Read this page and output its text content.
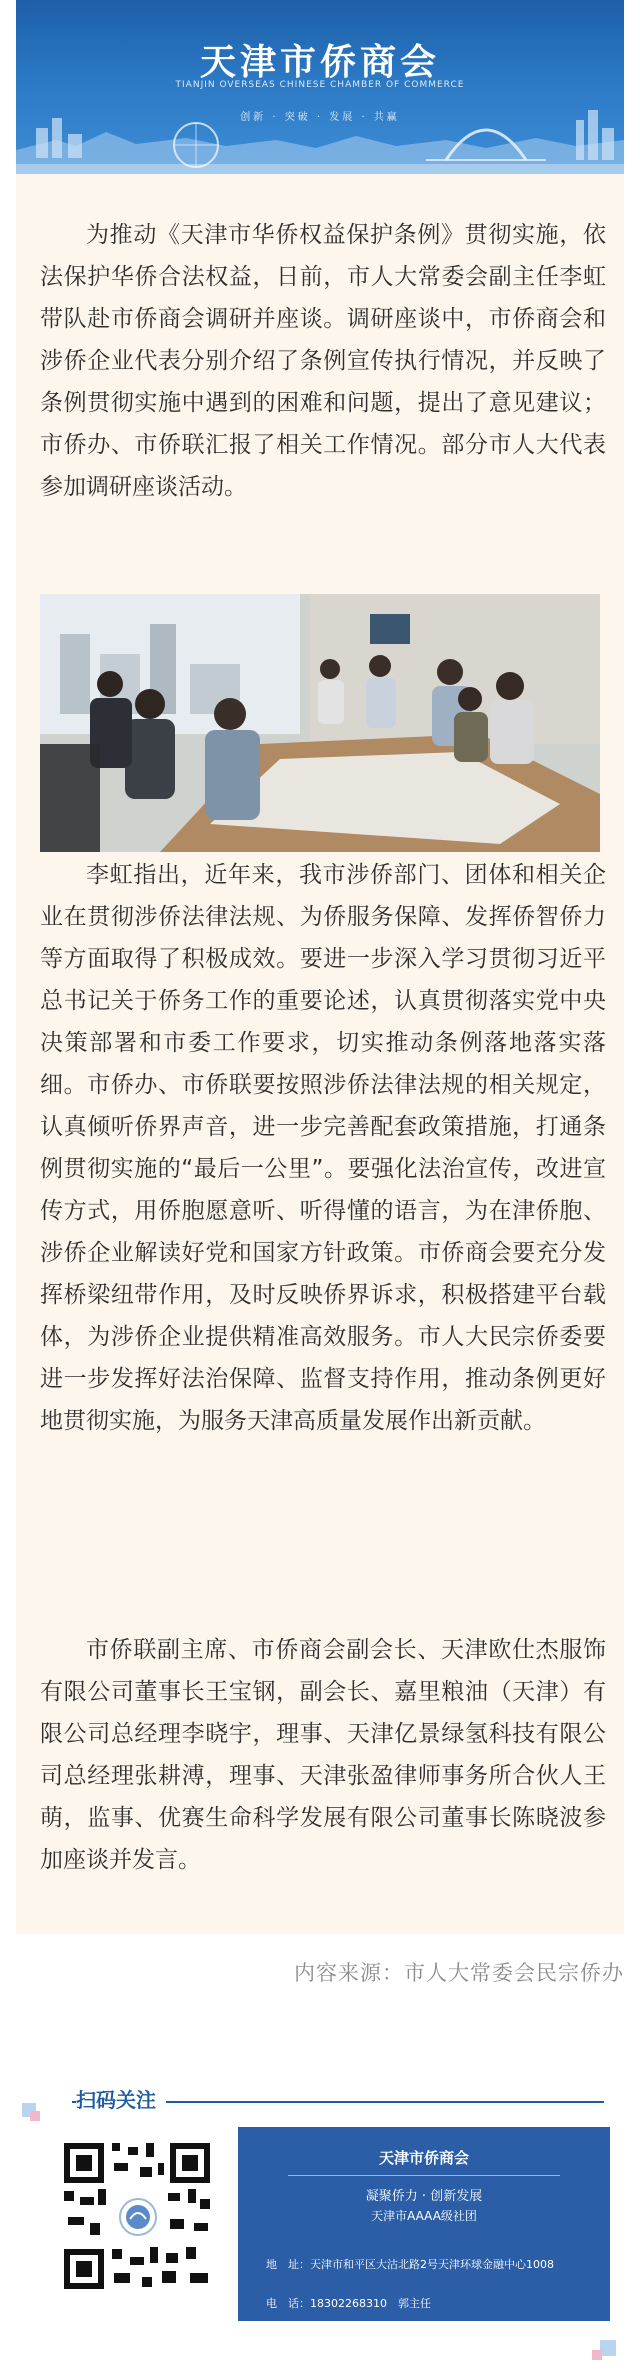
天津市侨商会
TIANJIN OVERSEAS CHINESE CHAMBER OF COMMERCE
创新 · 突破 · 发展 · 共赢

为推动《天津市华侨权益保护条例》贯彻实施，依法保护华侨合法权益，日前，市人大常委会副主任李虹带队赴市侨商会调研并座谈。调研座谈中，市侨商会和涉侨企业代表分别介绍了条例宣传执行情况，并反映了条例贯彻实施中遇到的困难和问题，提出了意见建议；市侨办、市侨联汇报了相关工作情况。部分市人大代表参加调研座谈活动。

李虹指出，近年来，我市涉侨部门、团体和相关企业在贯彻涉侨法律法规、为侨服务保障、发挥侨智侨力等方面取得了积极成效。要进一步深入学习贯彻习近平总书记关于侨务工作的重要论述，认真贯彻落实党中央决策部署和市委工作要求，切实推动条例落地落实落细。市侨办、市侨联要按照涉侨法律法规的相关规定，认真倾听侨界声音，进一步完善配套政策措施，打通条例贯彻实施的“最后一公里”。要强化法治宣传，改进宣传方式，用侨胞愿意听、听得懂的语言，为在津侨胞、涉侨企业解读好党和国家方针政策。市侨商会要充分发挥桥梁纽带作用，及时反映侨界诉求，积极搭建平台载体，为涉侨企业提供精准高效服务。市人大民宗侨委要进一步发挥好法治保障、监督支持作用，推动条例更好地贯彻实施，为服务天津高质量发展作出新贡献。

市侨联副主席、市侨商会副会长、天津欧仕杰服饰有限公司董事长王宝钢，副会长、嘉里粮油（天津）有限公司总经理李晓宇，理事、天津亿景绿氢科技有限公司总经理张耕溥，理事、天津张盈律师事务所合伙人王萌，监事、优赛生命科学发展有限公司董事长陈晓波参加座谈并发言。

内容来源：市人大常委会民宗侨办
扫码关注
天津市侨商会
凝聚侨力 · 创新发展
天津市AAAA级社团
地　址：天津市和平区大沽北路2号天津环球金融中心1008
电　话：18302268310　郭主任
